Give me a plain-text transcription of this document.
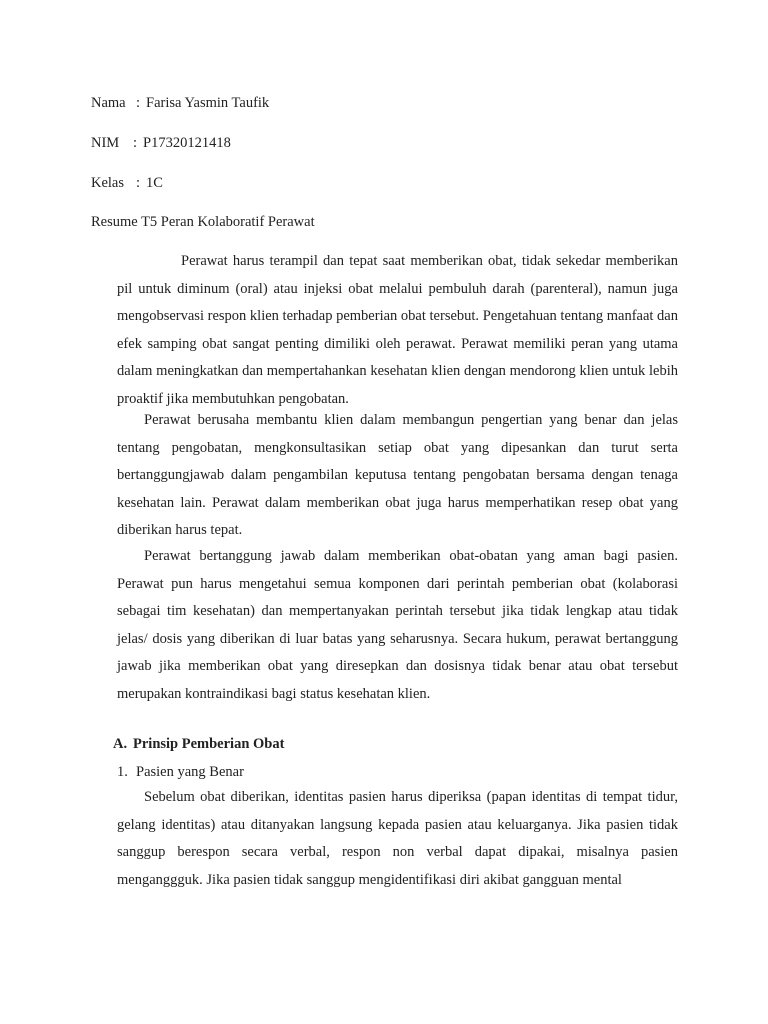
Nama : Farisa Yasmin Taufik
NIM : P17320121418
Kelas : 1C
Resume T5 Peran Kolaboratif Perawat

Perawat harus terampil dan tepat saat memberikan obat, tidak sekedar memberikan pil untuk diminum (oral) atau injeksi obat melalui pembuluh darah (parenteral), namun juga mengobservasi respon klien terhadap pemberian obat tersebut. Pengetahuan tentang manfaat dan efek samping obat sangat penting dimiliki oleh perawat. Perawat memiliki peran yang utama dalam meningkatkan dan mempertahankan kesehatan klien dengan mendorong klien untuk lebih proaktif jika membutuhkan pengobatan.

Perawat berusaha membantu klien dalam membangun pengertian yang benar dan jelas tentang pengobatan, mengkonsultasikan setiap obat yang dipesankan dan turut serta bertanggungjawab dalam pengambilan keputusa tentang pengobatan bersama dengan tenaga kesehatan lain. Perawat dalam memberikan obat juga harus memperhatikan resep obat yang diberikan harus tepat.

Perawat bertanggung jawab dalam memberikan obat-obatan yang aman bagi pasien. Perawat pun harus mengetahui semua komponen dari perintah pemberian obat (kolaborasi sebagai tim kesehatan) dan mempertanyakan perintah tersebut jika tidak lengkap atau tidak jelas/ dosis yang diberikan di luar batas yang seharusnya. Secara hukum, perawat bertanggung jawab jika memberikan obat yang diresepkan dan dosisnya tidak benar atau obat tersebut merupakan kontraindikasi bagi status kesehatan klien.

A. Prinsip Pemberian Obat
1. Pasien yang Benar

Sebelum obat diberikan, identitas pasien harus diperiksa (papan identitas di tempat tidur, gelang identitas) atau ditanyakan langsung kepada pasien atau keluarganya. Jika pasien tidak sanggup berespon secara verbal, respon non verbal dapat dipakai, misalnya pasien menganggguk. Jika pasien tidak sanggup mengidentifikasi diri akibat gangguan mental
